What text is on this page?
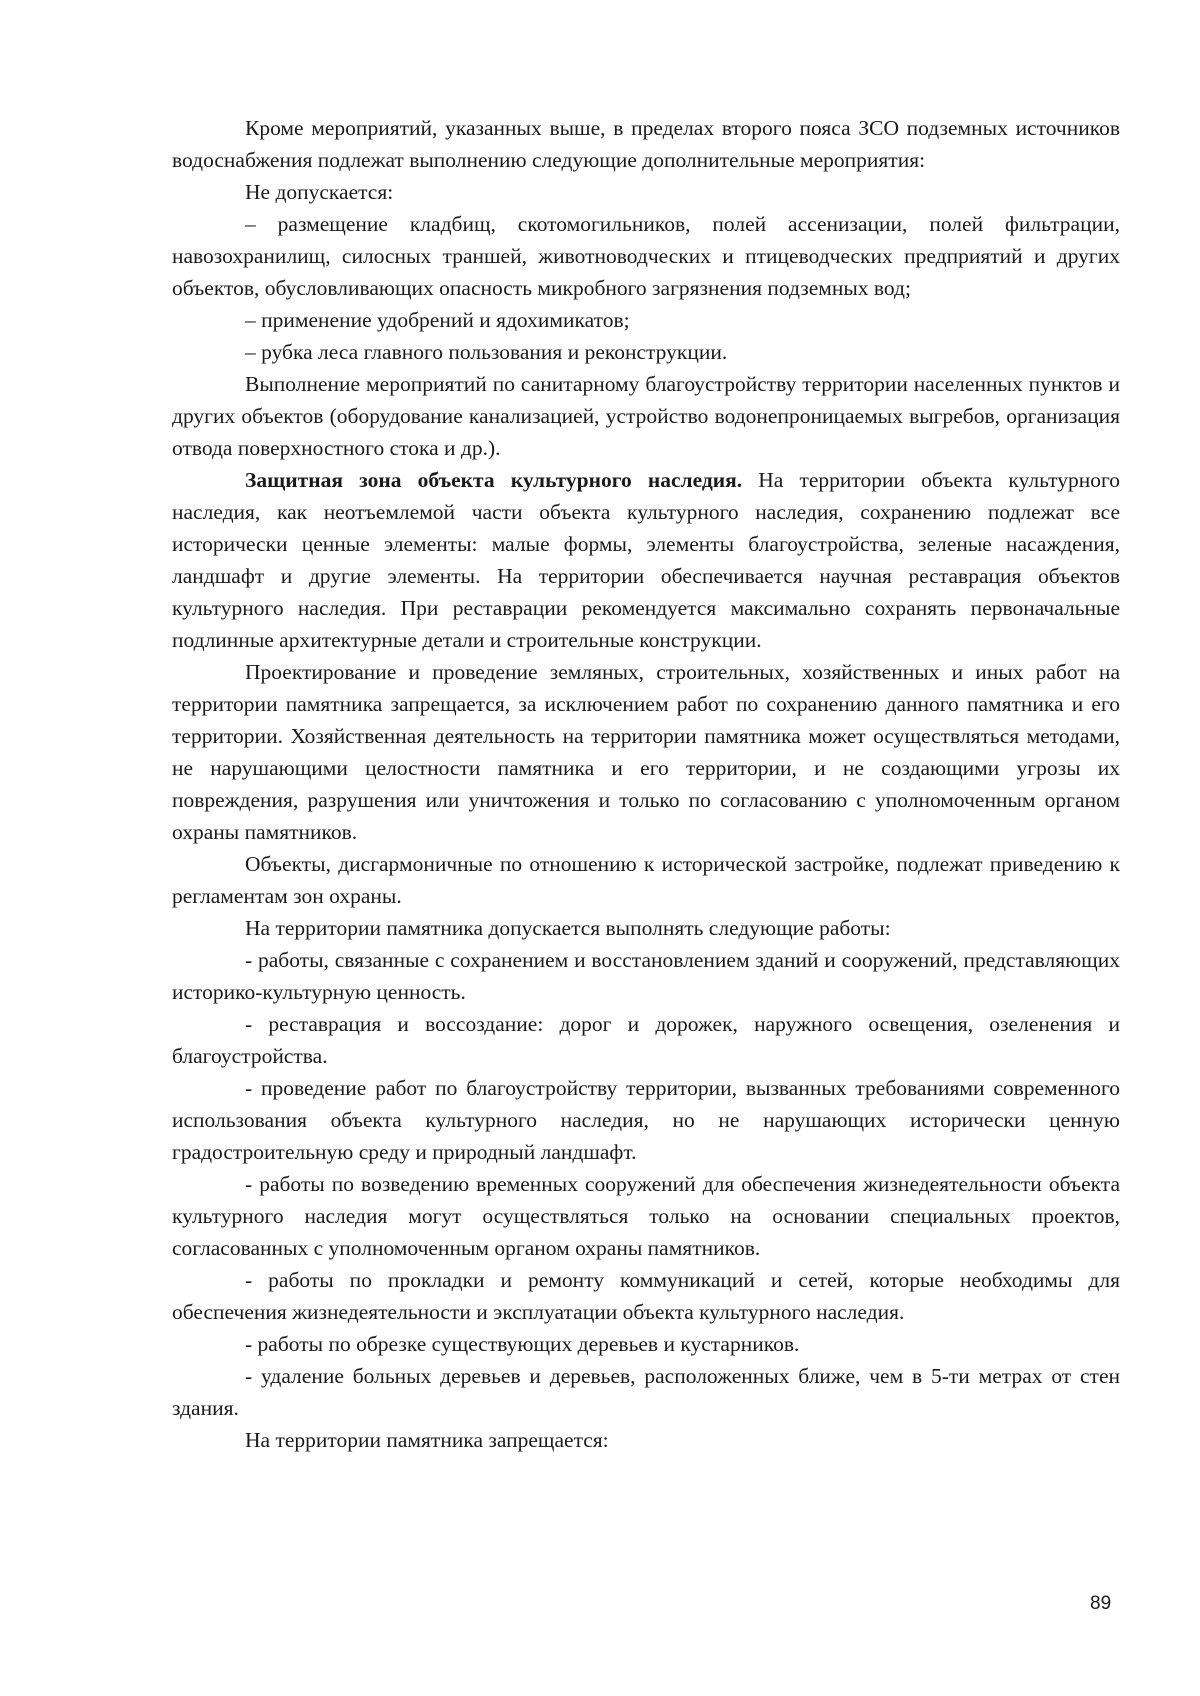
Кроме мероприятий, указанных выше, в пределах второго пояса ЗСО подземных источников водоснабжения подлежат выполнению следующие дополнительные мероприятия:

Не допускается:

– размещение кладбищ, скотомогильников, полей ассенизации, полей фильтрации, навозохранилищ, силосных траншей, животноводческих и птицеводческих предприятий и других объектов, обусловливающих опасность микробного загрязнения подземных вод;

– применение удобрений и ядохимикатов;

– рубка леса главного пользования и реконструкции.

Выполнение мероприятий по санитарному благоустройству территории населенных пунктов и других объектов (оборудование канализацией, устройство водонепроницаемых выгребов, организация отвода поверхностного стока и др.).

Защитная зона объекта культурного наследия. На территории объекта культурного наследия, как неотъемлемой части объекта культурного наследия, сохранению подлежат все исторически ценные элементы: малые формы, элементы благоустройства, зеленые насаждения, ландшафт и другие элементы. На территории обеспечивается научная реставрация объектов культурного наследия. При реставрации рекомендуется максимально сохранять первоначальные подлинные архитектурные детали и строительные конструкции.

Проектирование и проведение земляных, строительных, хозяйственных и иных работ на территории памятника запрещается, за исключением работ по сохранению данного памятника и его территории. Хозяйственная деятельность на территории памятника может осуществляться методами, не нарушающими целостности памятника и его территории, и не создающими угрозы их повреждения, разрушения или уничтожения и только по согласованию с уполномоченным органом охраны памятников.

Объекты, дисгармоничные по отношению к исторической застройке, подлежат приведению к регламентам зон охраны.

На территории памятника допускается выполнять следующие работы:

- работы, связанные с сохранением и восстановлением зданий и сооружений, представляющих историко-культурную ценность.

- реставрация и воссоздание: дорог и дорожек, наружного освещения, озеленения и благоустройства.

- проведение работ по благоустройству территории, вызванных требованиями современного использования объекта культурного наследия, но не нарушающих исторически ценную градостроительную среду и природный ландшафт.

- работы по возведению временных сооружений для обеспечения жизнедеятельности объекта культурного наследия могут осуществляться только на основании специальных проектов, согласованных с уполномоченным органом охраны памятников.

- работы по прокладки и ремонту коммуникаций и сетей, которые необходимы для обеспечения жизнедеятельности и эксплуатации объекта культурного наследия.

- работы по обрезке существующих деревьев и кустарников.

- удаление больных деревьев и деревьев, расположенных ближе, чем в 5-ти метрах от стен здания.

На территории памятника запрещается:

89
